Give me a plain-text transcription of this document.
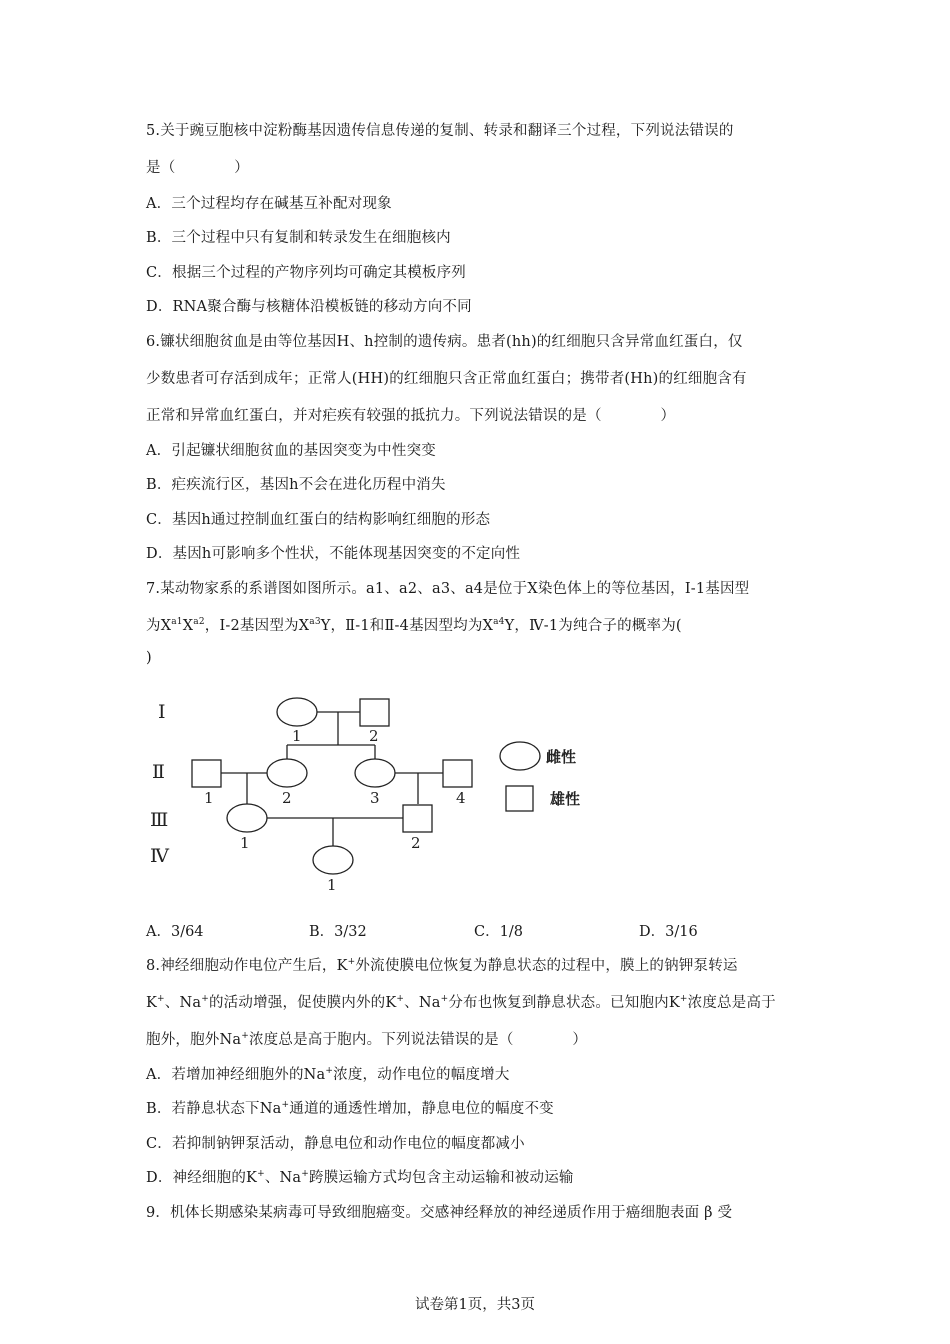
5.关于豌豆胞核中淀粉酶基因遗传信息传递的复制、转录和翻译三个过程，下列说法错误的
是（　　　　）
A．三个过程均存在碱基互补配对现象
B．三个过程中只有复制和转录发生在细胞核内
C．根据三个过程的产物序列均可确定其模板序列
D．RNA聚合酶与核糖体沿模板链的移动方向不同
6.镰状细胞贫血是由等位基因H、h控制的遗传病。患者(hh)的红细胞只含异常血红蛋白，仅
少数患者可存活到成年；正常人(HH)的红细胞只含正常血红蛋白；携带者(Hh)的红细胞含有
正常和异常血红蛋白，并对疟疾有较强的抵抗力。下列说法错误的是（　　　　）
A．引起镰状细胞贫血的基因突变为中性突变
B．疟疾流行区，基因h不会在进化历程中消失
C．基因h通过控制血红蛋白的结构影响红细胞的形态
D．基因h可影响多个性状，不能体现基因突变的不定向性
7.某动物家系的系谱图如图所示。a1、a2、a3、a4是位于X染色体上的等位基因，Ⅰ-1基因型
为$X^{a1}X^{a2}$，Ⅰ-2基因型为$X^{a3}Y$，Ⅱ-1和Ⅱ-4基因型均为$X^{a4}Y$，Ⅳ-1为纯合子的概率为(
)
Ⅰ
Ⅱ
Ⅲ
Ⅳ
1	2
1	2	3	4
1	2
1
雌性
雄性
A．3/64	B．3/32	C．1/8	D．3/16
8.神经细胞动作电位产生后，K+外流使膜电位恢复为静息状态的过程中，膜上的钠钾泵转运
K+、Na+的活动增强，促使膜内外的K+、Na+分布也恢复到静息状态。已知胞内K+浓度总是高于
胞外，胞外Na+浓度总是高于胞内。下列说法错误的是（　　　　）
A．若增加神经细胞外的Na+浓度，动作电位的幅度增大
B．若静息状态下Na+通道的通透性增加，静息电位的幅度不变
C．若抑制钠钾泵活动，静息电位和动作电位的幅度都减小
D．神经细胞的K+、Na+跨膜运输方式均包含主动运输和被动运输
9．机体长期感染某病毒可导致细胞癌变。交感神经释放的神经递质作用于癌细胞表面 β 受
试卷第1页，共3页
